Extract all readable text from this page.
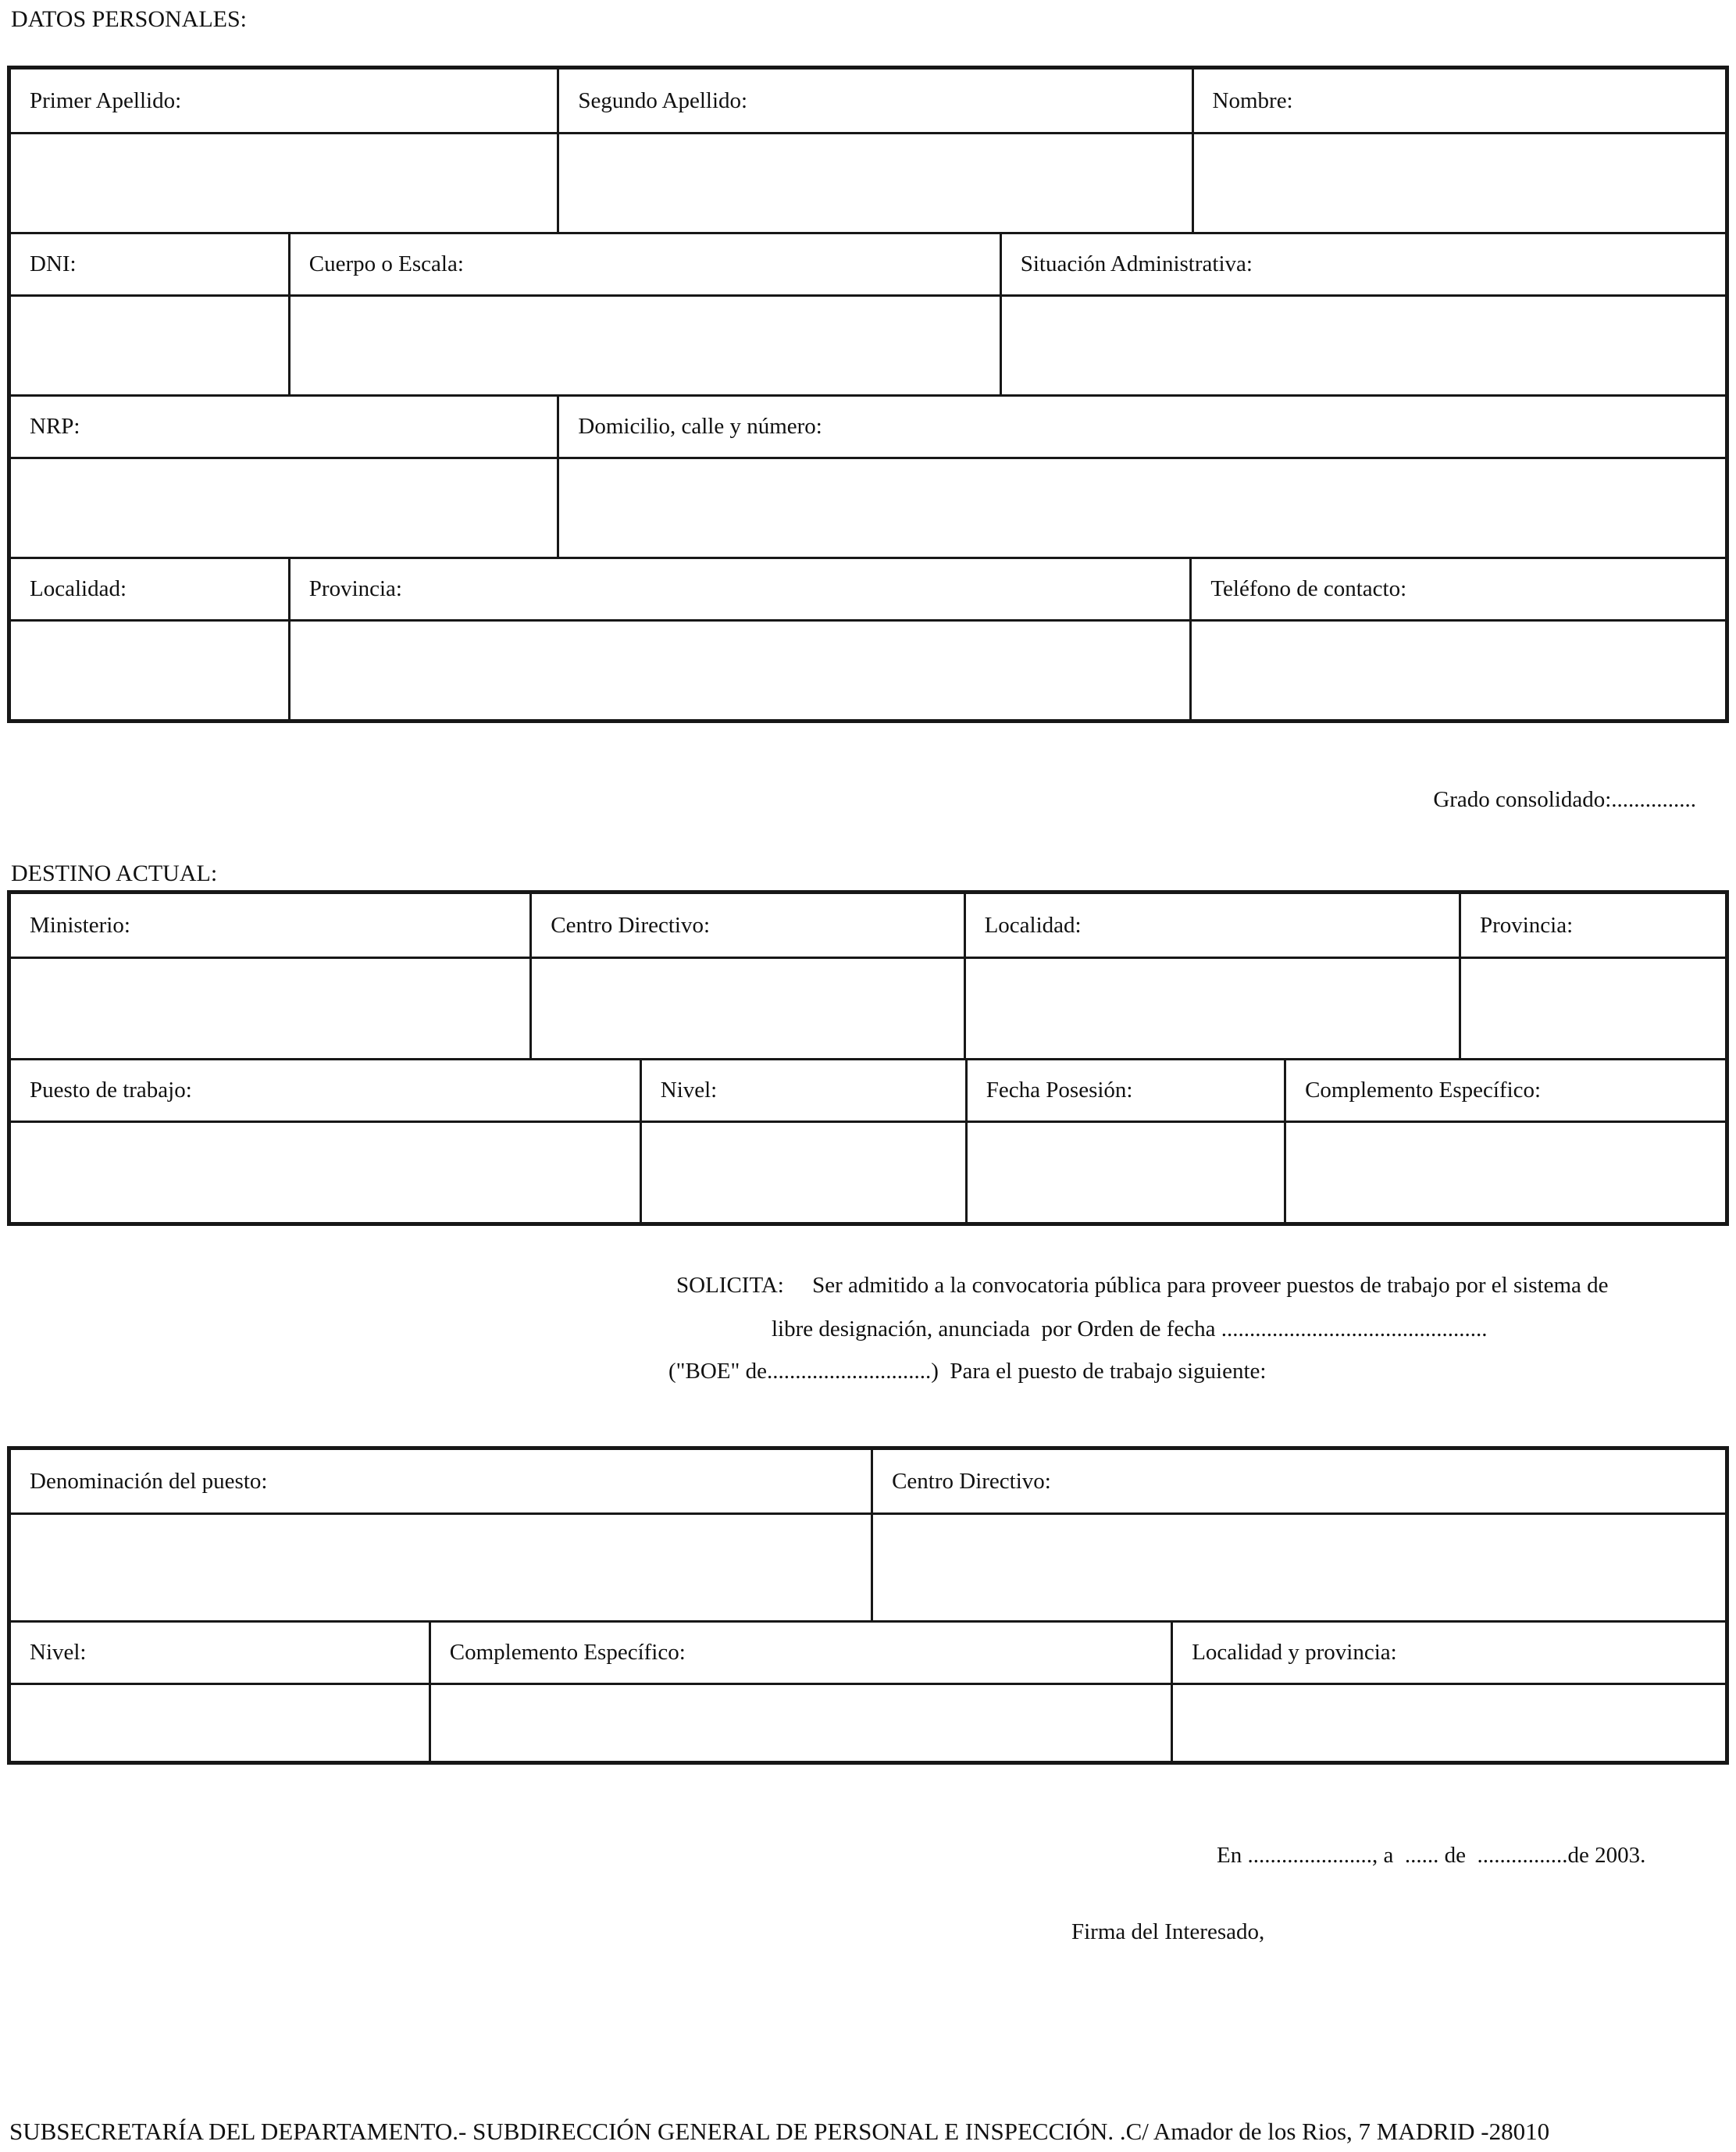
DATOS PERSONALES:
Primer Apellido:	Segundo Apellido:	Nombre:
DNI:	Cuerpo o Escala:	Situación Administrativa:
NRP:	Domicilio, calle y número:
Localidad:	Provincia:	Teléfono de contacto:
Grado consolidado:...............
DESTINO ACTUAL:
Ministerio:	Centro Directivo:	Localidad:	Provincia:
Puesto de trabajo:	Nivel:	Fecha Posesión:	Complemento Específico:
SOLICITA:     Ser admitido a la convocatoria pública para proveer puestos de trabajo por el sistema de
libre designación, anunciada  por Orden de fecha ...............................................
("BOE" de.............................)  Para el puesto de trabajo siguiente:
Denominación del puesto:	Centro Directivo:
Nivel:	Complemento Específico:	Localidad y provincia:
En ......................, a  ...... de  ................de 2003.
Firma del Interesado,
SUBSECRETARÍA DEL DEPARTAMENTO.- SUBDIRECCIÓN GENERAL DE PERSONAL E INSPECCIÓN. .C/ Amador de los Rios, 7 MADRID -28010
